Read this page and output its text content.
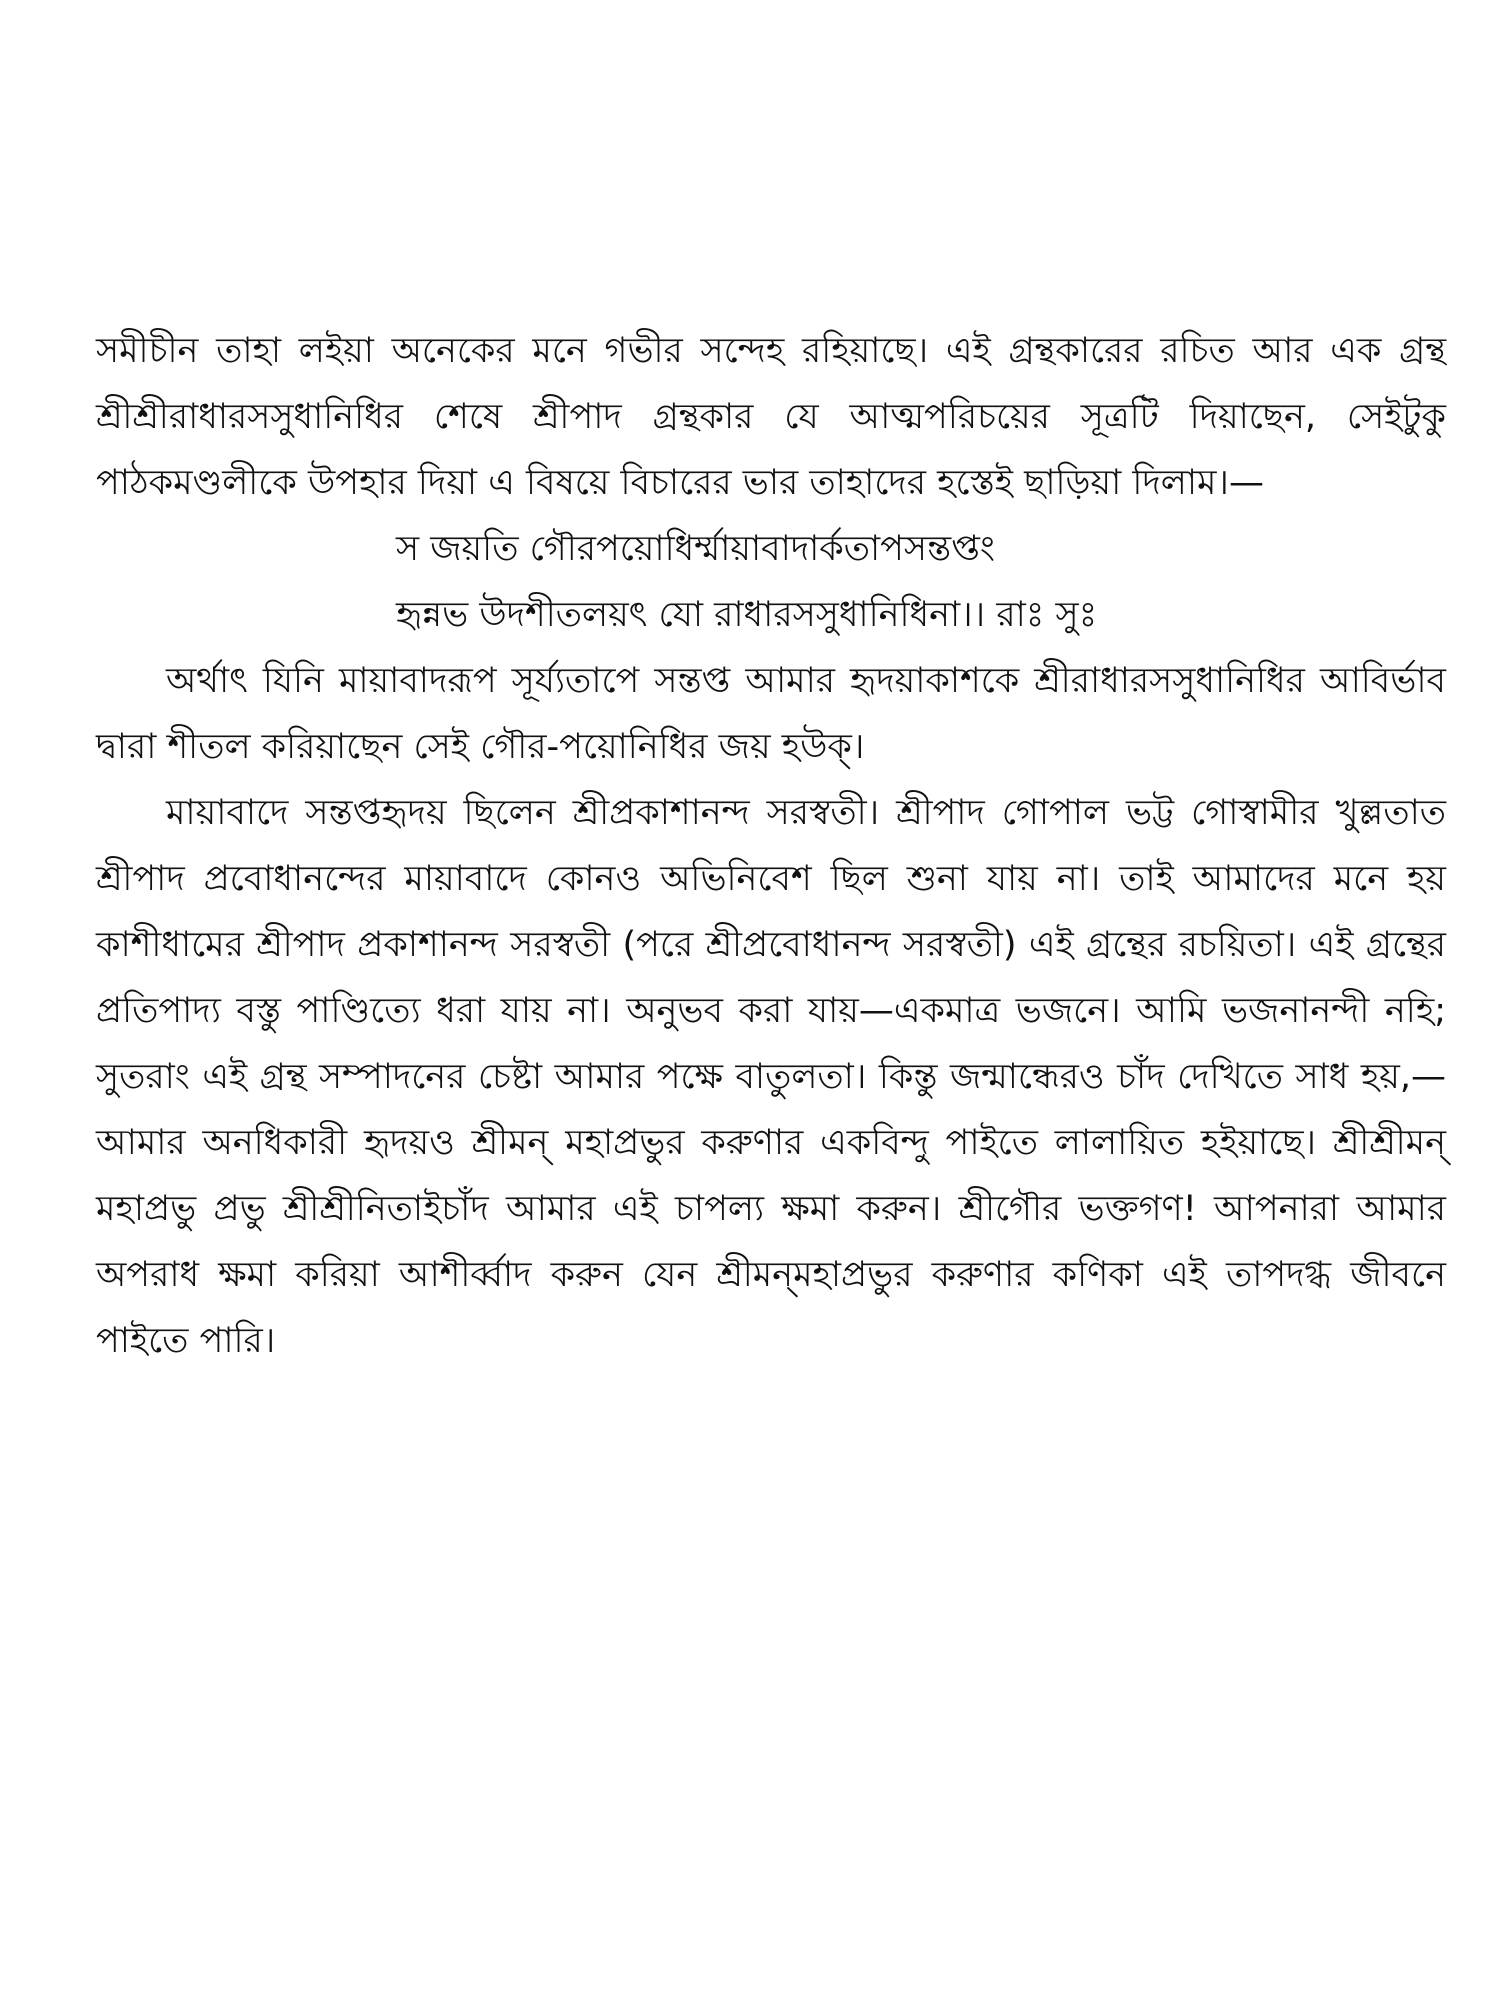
সমীচীন তাহা লইয়া অনেকের মনে গভীর সন্দেহ রহিয়াছে। এই গ্রন্থকারের রচিত আর এক গ্রন্থ শ্রীশ্রীরাধারসসুধানিধির শেষে শ্রীপাদ গ্রন্থকার যে আত্মপরিচয়ের সূত্রটি দিয়াছেন, সেইটুকু পাঠকমণ্ডলীকে উপহার দিয়া এ বিষয়ে বিচারের ভার তাহাদের হস্তেই ছাড়িয়া দিলাম।—

স জয়তি গৌরপয়োধির্ম্মায়াবাদার্কতাপসন্তপ্তং
হৃন্নভ উদশীতলয়ৎ যো রাধারসসুধানিধিনা।। রাঃ সুঃ

অর্থাৎ যিনি মায়াবাদরূপ সূর্য্যতাপে সন্তপ্ত আমার হৃদয়াকাশকে শ্রীরাধারসসুধানিধির আবির্ভাব দ্বারা শীতল করিয়াছেন সেই গৌর-পয়োনিধির জয় হউক্।

মায়াবাদে সন্তপ্তহৃদয় ছিলেন শ্রীপ্রকাশানন্দ সরস্বতী। শ্রীপাদ গোপাল ভট্ট গোস্বামীর খুল্লতাত শ্রীপাদ প্রবোধানন্দের মায়াবাদে কোনও অভিনিবেশ ছিল শুনা যায় না। তাই আমাদের মনে হয় কাশীধামের শ্রীপাদ প্রকাশানন্দ সরস্বতী (পরে শ্রীপ্রবোধানন্দ সরস্বতী) এই গ্রন্থের রচয়িতা। এই গ্রন্থের প্রতিপাদ্য বস্তু পাণ্ডিত্যে ধরা যায় না। অনুভব করা যায়—একমাত্র ভজনে। আমি ভজনানন্দী নহি; সুতরাং এই গ্রন্থ সম্পাদনের চেষ্টা আমার পক্ষে বাতুলতা। কিন্তু জন্মান্ধেরও চাঁদ দেখিতে সাধ হয়,— আমার অনধিকারী হৃদয়ও শ্রীমন্ মহাপ্রভুর করুণার একবিন্দু পাইতে লালায়িত হইয়াছে। শ্রীশ্রীমন্ মহাপ্রভু প্রভু শ্রীশ্রীনিতাইচাঁদ আমার এই চাপল্য ক্ষমা করুন। শ্রীগৌর ভক্তগণ! আপনারা আমার অপরাধ ক্ষমা করিয়া আশীর্ব্বাদ করুন যেন শ্রীমন্‌মহাপ্রভুর করুণার কণিকা এই তাপদগ্ধ জীবনে পাইতে পারি।
